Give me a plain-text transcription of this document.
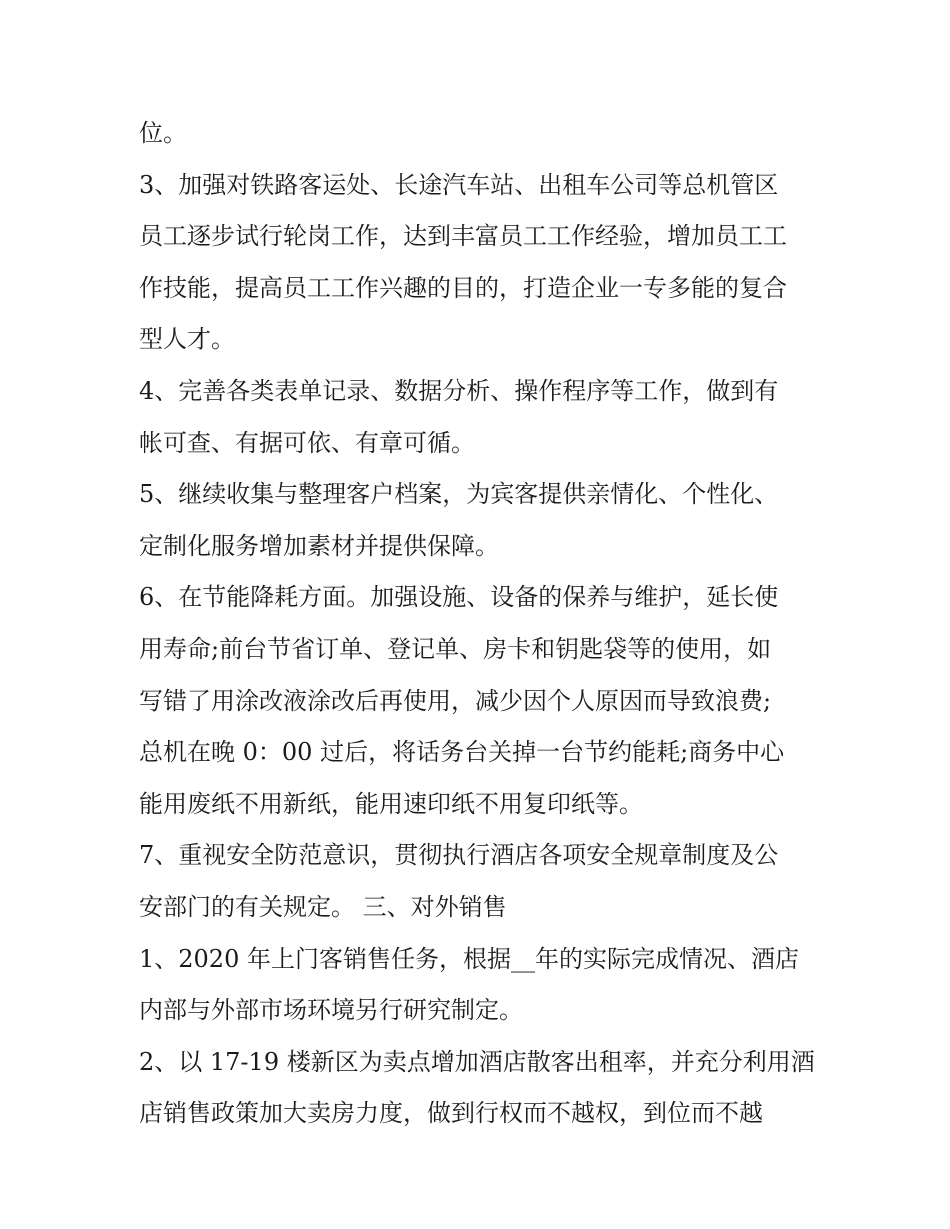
位。
3、加强对铁路客运处、长途汽车站、出租车公司等总机管区
员工逐步试行轮岗工作，达到丰富员工工作经验，增加员工工
作技能，提高员工工作兴趣的目的，打造企业一专多能的复合
型人才。
4、完善各类表单记录、数据分析、操作程序等工作，做到有
帐可查、有据可依、有章可循。
5、继续收集与整理客户档案，为宾客提供亲情化、个性化、
定制化服务增加素材并提供保障。
6、在节能降耗方面。加强设施、设备的保养与维护，延长使
用寿命;前台节省订单、登记单、房卡和钥匙袋等的使用，如
写错了用涂改液涂改后再使用，减少因个人原因而导致浪费;
总机在晚 0：00 过后，将话务台关掉一台节约能耗;商务中心
能用废纸不用新纸，能用速印纸不用复印纸等。
7、重视安全防范意识，贯彻执行酒店各项安全规章制度及公
安部门的有关规定。 三、对外销售
1、2020 年上门客销售任务，根据__年的实际完成情况、酒店
内部与外部市场环境另行研究制定。
2、以 17-19 楼新区为卖点增加酒店散客出租率，并充分利用酒
店销售政策加大卖房力度，做到行权而不越权，到位而不越
